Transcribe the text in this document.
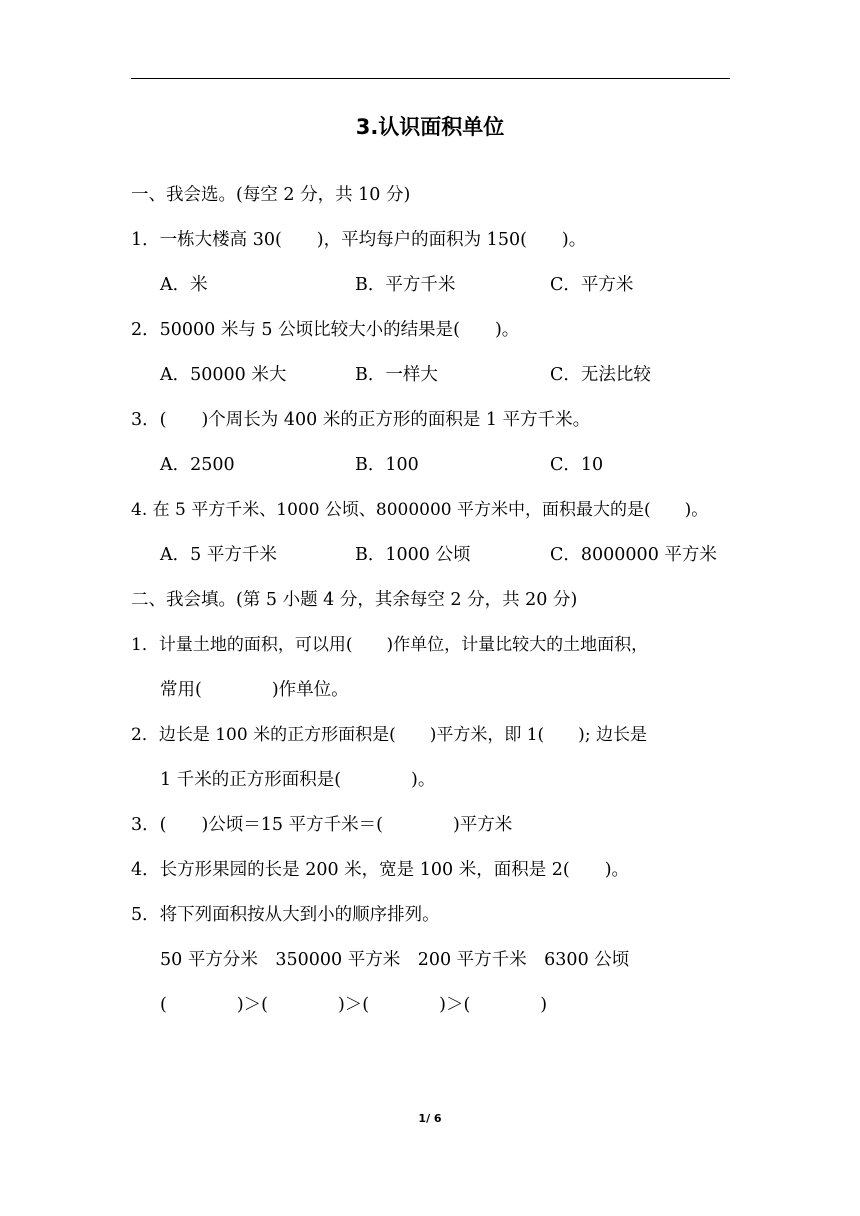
3.认识面积单位
一、我会选。(每空 2 分，共 10 分)
1．一栋大楼高 30(　　)，平均每户的面积为 150(　　)。
A．米	B．平方千米	C．平方米
2．50000 米与 5 公顷比较大小的结果是(　　)。
A．50000 米大	B．一样大	C．无法比较
3．(　　)个周长为 400 米的正方形的面积是 1 平方千米。
A．2500	B．100	C．10
4. 在 5 平方千米、1000 公顷、8000000 平方米中，面积最大的是(　　)。
A．5 平方千米	B．1000 公顷	C．8000000 平方米
二、我会填。(第 5 小题 4 分，其余每空 2 分，共 20 分)
1．计量土地的面积，可以用(　　)作单位，计量比较大的土地面积，
常用(　　　　)作单位。
2．边长是 100 米的正方形面积是(　　)平方米，即 1(　　); 边长是
1 千米的正方形面积是(　　　　)。
3．(　　)公顷＝15 平方千米＝(　　　　)平方米
4．长方形果园的长是 200 米，宽是 100 米，面积是 2(　　)。
5．将下列面积按从大到小的顺序排列。
50 平方分米　350000 平方米　200 平方千米　6300 公顷
(　　　　)＞(　　　　)＞(　　　　)＞(　　　　)
1/ 6
